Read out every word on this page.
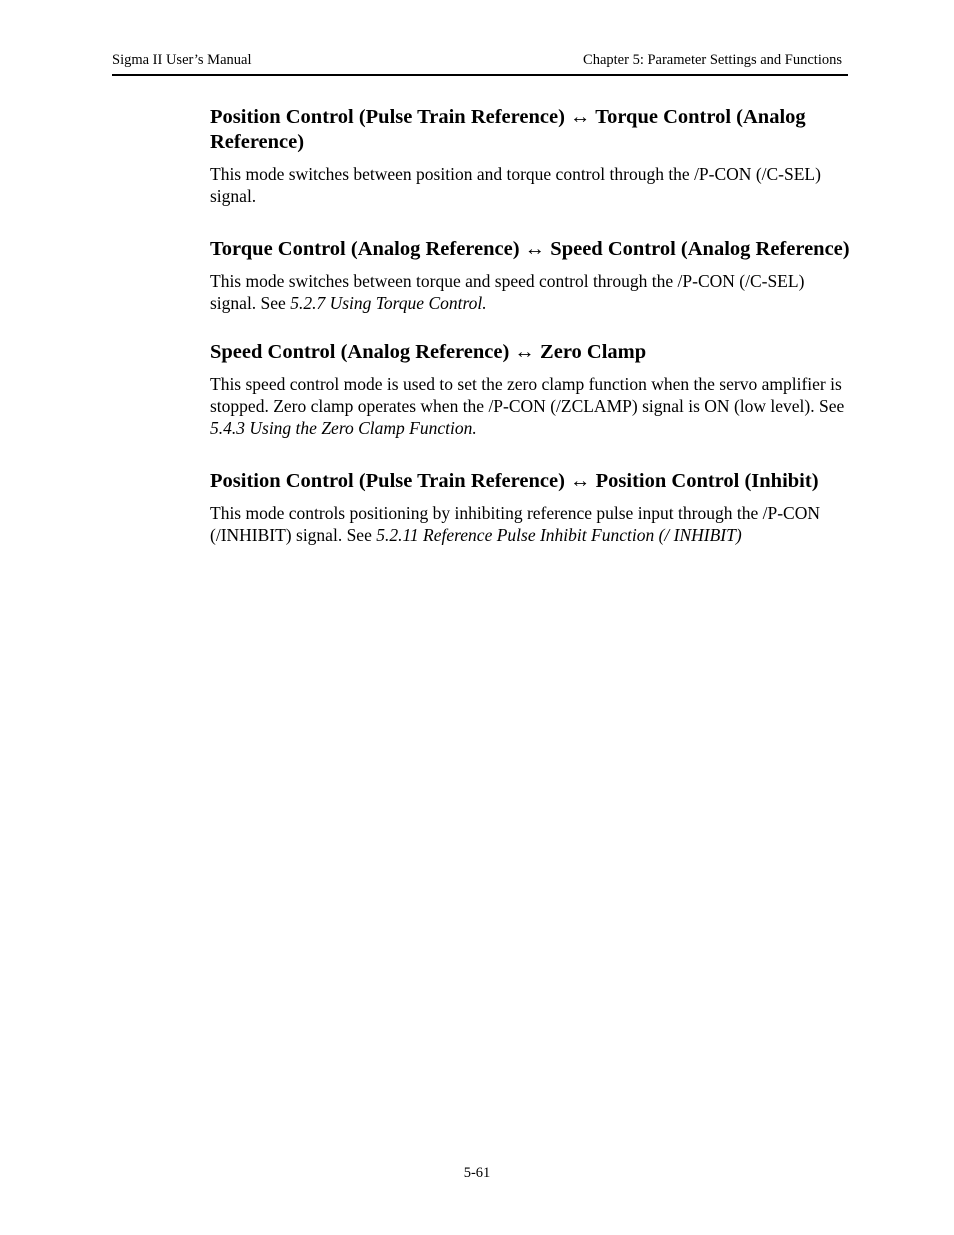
Sigma II User’s Manual	Chapter 5: Parameter Settings and Functions
Position Control (Pulse Train Reference) ↔ Torque Control (Analog Reference)

This mode switches between position and torque control through the /P-CON (/C-SEL) signal.

Torque Control (Analog Reference) ↔ Speed Control (Analog Reference)

This mode switches between torque and speed control through the /P-CON (/C-SEL) signal. See 5.2.7 Using Torque Control.

Speed Control (Analog Reference) ↔ Zero Clamp

This speed control mode is used to set the zero clamp function when the servo amplifier is stopped. Zero clamp operates when the /P-CON (/ZCLAMP) signal is ON (low level). See 5.4.3 Using the Zero Clamp Function.

Position Control (Pulse Train Reference) ↔ Position Control (Inhibit)

This mode controls positioning by inhibiting reference pulse input through the /P-CON (/INHIBIT) signal. See 5.2.11 Reference Pulse Inhibit Function (/ INHIBIT)

5-61
